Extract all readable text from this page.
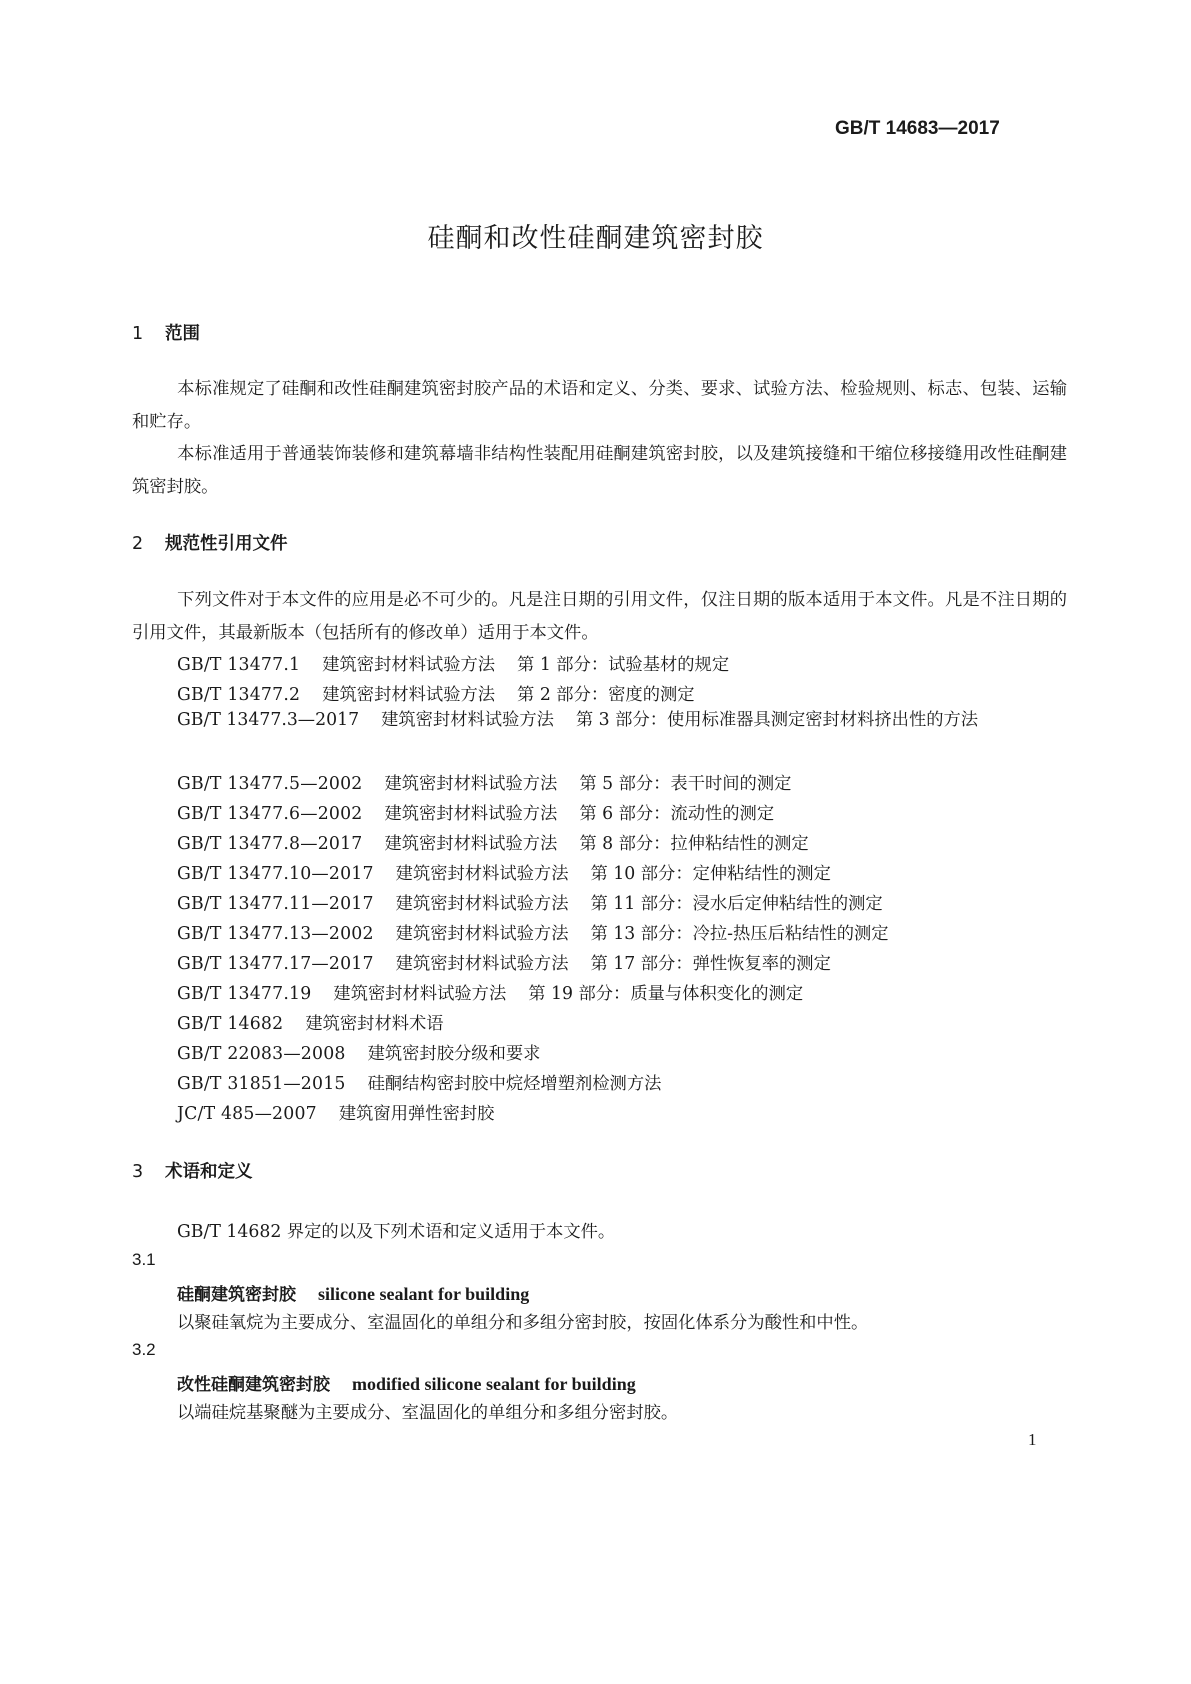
GB/T 14683—2017
硅酮和改性硅酮建筑密封胶
1 范围
本标准规定了硅酮和改性硅酮建筑密封胶产品的术语和定义、分类、要求、试验方法、检验规则、标志、包装、运输和贮存。
本标准适用于普通装饰装修和建筑幕墙非结构性装配用硅酮建筑密封胶，以及建筑接缝和干缩位移接缝用改性硅酮建筑密封胶。
2 规范性引用文件
下列文件对于本文件的应用是必不可少的。凡是注日期的引用文件，仅注日期的版本适用于本文件。凡是不注日期的引用文件，其最新版本（包括所有的修改单）适用于本文件。
GB/T 13477.1 建筑密封材料试验方法 第 1 部分：试验基材的规定
GB/T 13477.2 建筑密封材料试验方法 第 2 部分：密度的测定
GB/T 13477.3—2017 建筑密封材料试验方法 第 3 部分：使用标准器具测定密封材料挤出性的方法
GB/T 13477.5—2002 建筑密封材料试验方法 第 5 部分：表干时间的测定
GB/T 13477.6—2002 建筑密封材料试验方法 第 6 部分：流动性的测定
GB/T 13477.8—2017 建筑密封材料试验方法 第 8 部分：拉伸粘结性的测定
GB/T 13477.10—2017 建筑密封材料试验方法 第 10 部分：定伸粘结性的测定
GB/T 13477.11—2017 建筑密封材料试验方法 第 11 部分：浸水后定伸粘结性的测定
GB/T 13477.13—2002 建筑密封材料试验方法 第 13 部分：冷拉-热压后粘结性的测定
GB/T 13477.17—2017 建筑密封材料试验方法 第 17 部分：弹性恢复率的测定
GB/T 13477.19 建筑密封材料试验方法 第 19 部分：质量与体积变化的测定
GB/T 14682 建筑密封材料术语
GB/T 22083—2008 建筑密封胶分级和要求
GB/T 31851—2015 硅酮结构密封胶中烷烃增塑剂检测方法
JC/T 485—2007 建筑窗用弹性密封胶
3 术语和定义
GB/T 14682 界定的以及下列术语和定义适用于本文件。
3.1
硅酮建筑密封胶 silicone sealant for building
以聚硅氧烷为主要成分、室温固化的单组分和多组分密封胶，按固化体系分为酸性和中性。
3.2
改性硅酮建筑密封胶 modified silicone sealant for building
以端硅烷基聚醚为主要成分、室温固化的单组分和多组分密封胶。
1
